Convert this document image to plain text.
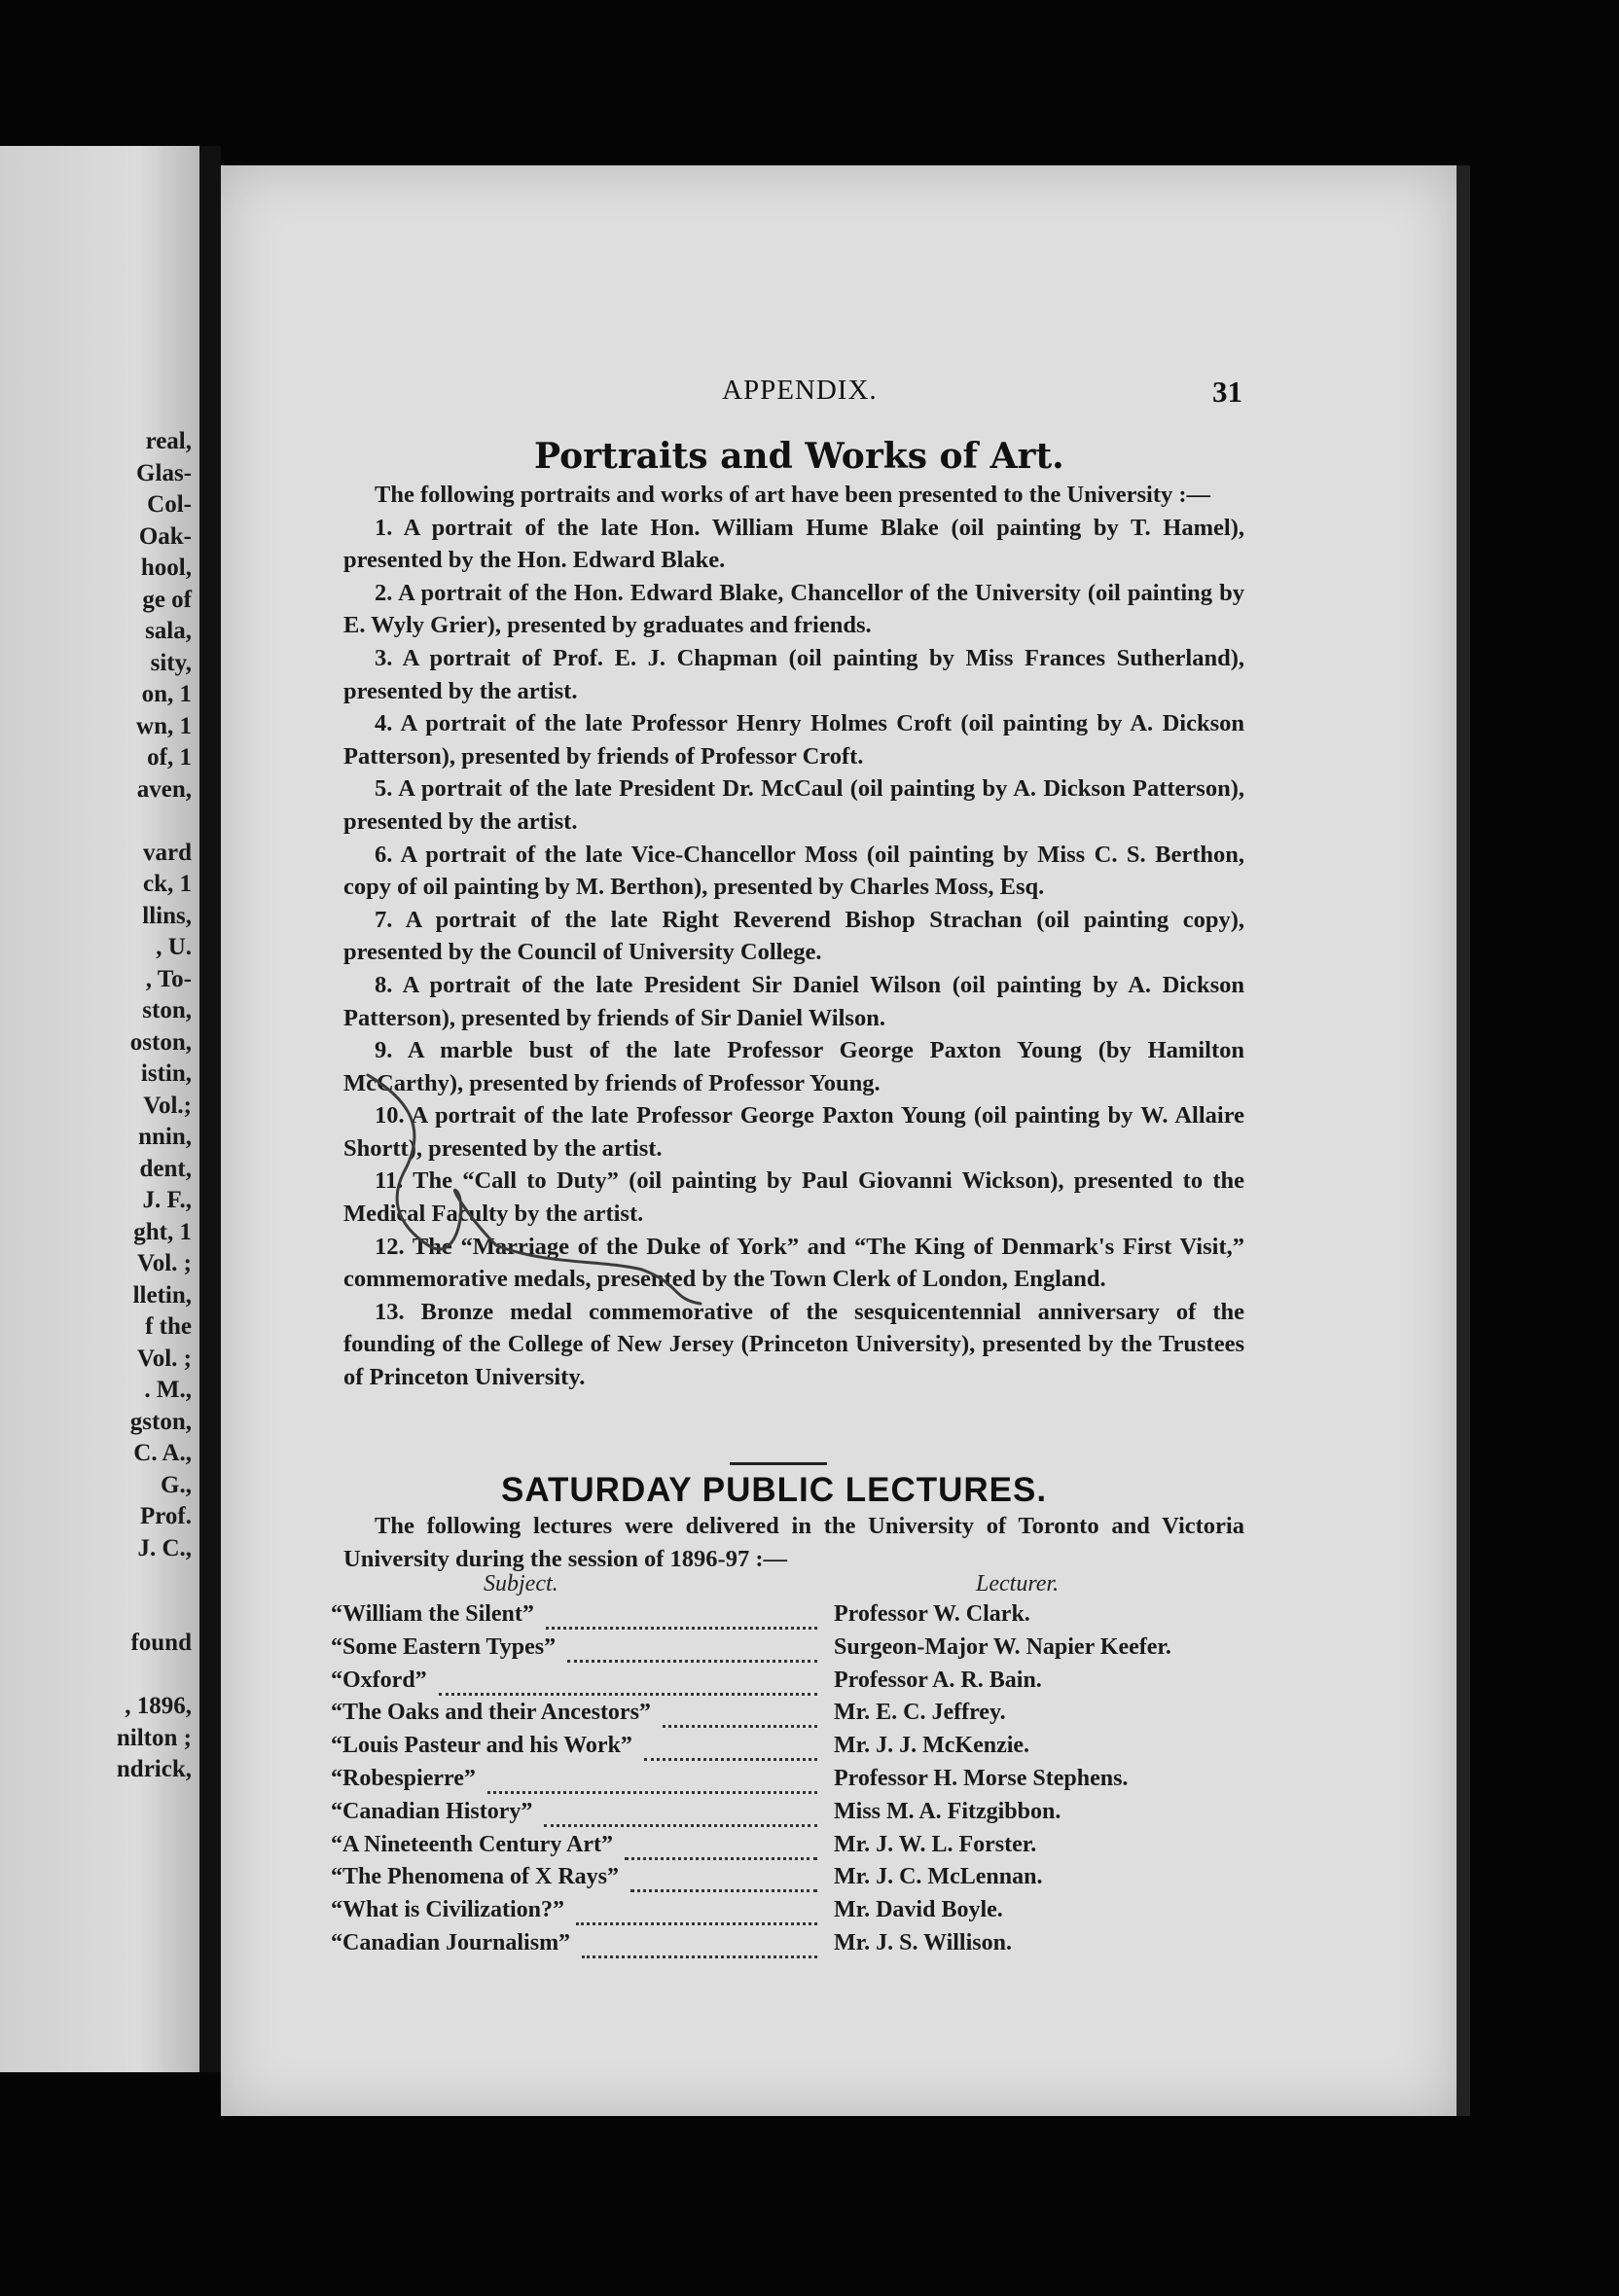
real,
Glas-
Col-
Oak-
hool,
ge of
sala,
sity,
on, 1
wn, 1
of, 1
aven,
vard
ck, 1
llins,
, U.
, To-
ston,
oston,
istin,
Vol.;
nnin,
dent,
J. F.,
ght, 1
Vol. ;
lletin,
f the
Vol. ;
. M.,
gston,
C. A.,
G.,
Prof.
J. C.,
found
, 1896,
nilton ;
ndrick,
APPENDIX.	31
Portraits and Works of Art.

The following portraits and works of art have been presented to the University :—

1. A portrait of the late Hon. William Hume Blake (oil painting by T. Hamel), presented by the Hon. Edward Blake.

2. A portrait of the Hon. Edward Blake, Chancellor of the University (oil painting by E. Wyly Grier), presented by graduates and friends.

3. A portrait of Prof. E. J. Chapman (oil painting by Miss Frances Sutherland), presented by the artist.

4. A portrait of the late Professor Henry Holmes Croft (oil painting by A. Dickson Patterson), presented by friends of Professor Croft.

5. A portrait of the late President Dr. McCaul (oil painting by A. Dickson Patterson), presented by the artist.

6. A portrait of the late Vice-Chancellor Moss (oil painting by Miss C. S. Berthon, copy of oil painting by M. Berthon), presented by Charles Moss, Esq.

7. A portrait of the late Right Reverend Bishop Strachan (oil painting copy), presented by the Council of University College.

8. A portrait of the late President Sir Daniel Wilson (oil painting by A. Dickson Patterson), presented by friends of Sir Daniel Wilson.

9. A marble bust of the late Professor George Paxton Young (by Hamilton McCarthy), presented by friends of Professor Young.

10. A portrait of the late Professor George Paxton Young (oil painting by W. Allaire Shortt), presented by the artist.

11. The “Call to Duty” (oil painting by Paul Giovanni Wickson), presented to the Medical Faculty by the artist.

12. The “Marriage of the Duke of York” and “The King of Denmark's First Visit,” commemorative medals, presented by the Town Clerk of London, England.

13. Bronze medal commemorative of the sesquicentennial anniversary of the founding of the College of New Jersey (Princeton University), presented by the Trustees of Princeton University.

SATURDAY PUBLIC LECTURES.

The following lectures were delivered in the University of Toronto and Victoria University during the session of 1896-97 :—

Subject.	Lecturer.
“William the Silent”	Professor W. Clark.
“Some Eastern Types”	Surgeon-Major W. Napier Keefer.
“Oxford”	Professor A. R. Bain.
“The Oaks and their Ancestors”	Mr. E. C. Jeffrey.
“Louis Pasteur and his Work”	Mr. J. J. McKenzie.
“Robespierre”	Professor H. Morse Stephens.
“Canadian History”	Miss M. A. Fitzgibbon.
“A Nineteenth Century Art”	Mr. J. W. L. Forster.
“The Phenomena of X Rays”	Mr. J. C. McLennan.
“What is Civilization?”	Mr. David Boyle.
“Canadian Journalism”	Mr. J. S. Willison.
